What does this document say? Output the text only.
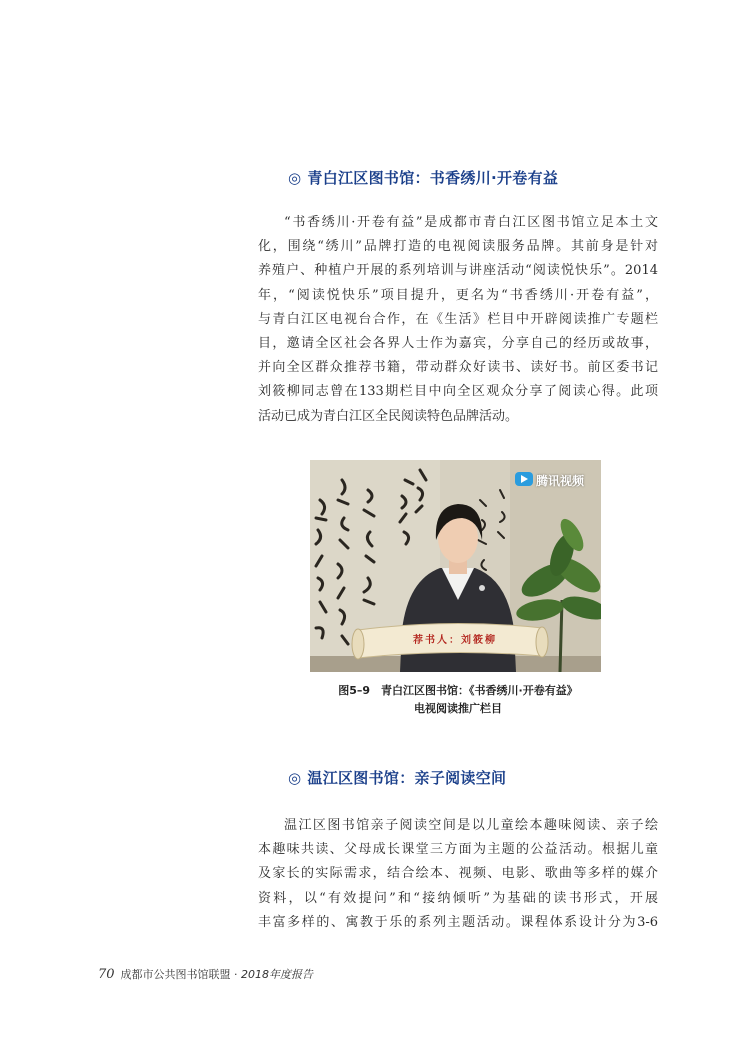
◎ 青白江区图书馆：书香绣川·开卷有益

“书香绣川·开卷有益”是成都市青白江区图书馆立足本土文
化，围绕“绣川”品牌打造的电视阅读服务品牌。其前身是针对
养殖户、种植户开展的系列培训与讲座活动“阅读悦快乐”。2014
年，“阅读悦快乐”项目提升，更名为“书香绣川·开卷有益”，
与青白江区电视台合作，在《生活》栏目中开辟阅读推广专题栏
目，邀请全区社会各界人士作为嘉宾，分享自己的经历或故事，
并向全区群众推荐书籍，带动群众好读书、读好书。前区委书记
刘筱柳同志曾在133期栏目中向全区观众分享了阅读心得。此项
活动已成为青白江区全民阅读特色品牌活动。

荐书人：刘筱柳
腾讯视频
图5–9　青白江区图书馆：《书香绣川·开卷有益》
电视阅读推广栏目
◎ 温江区图书馆：亲子阅读空间

温江区图书馆亲子阅读空间是以儿童绘本趣味阅读、亲子绘
本趣味共读、父母成长课堂三方面为主题的公益活动。根据儿童
及家长的实际需求，结合绘本、视频、电影、歌曲等多样的媒介
资料，以“有效提问”和“接纳倾听”为基础的读书形式，开展
丰富多样的、寓教于乐的系列主题活动。课程体系设计分为3-6

70 成都市公共图书馆联盟 · 2018年度报告
